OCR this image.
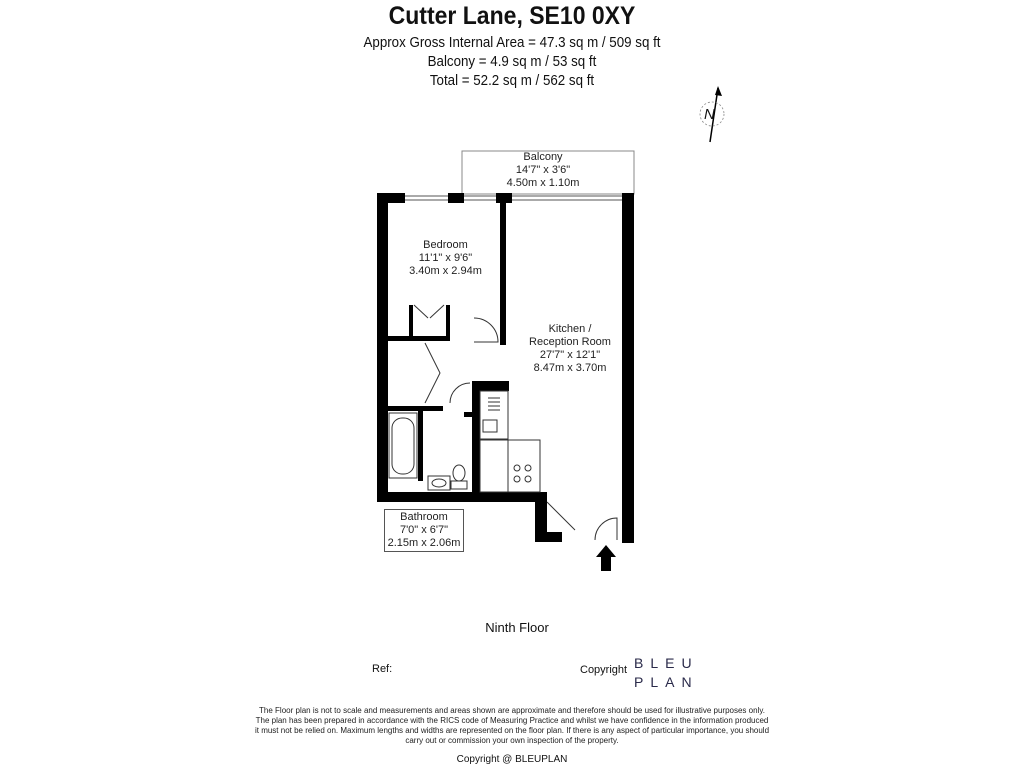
Cutter Lane, SE10 0XY
Approx Gross Internal Area = 47.3 sq m / 509 sq ft
Balcony = 4.9 sq m / 53 sq ft
Total = 52.2 sq m / 562 sq ft
N
Balcony
14'7" x 3'6"
4.50m x 1.10m
Bedroom
11'1" x 9'6"
3.40m x 2.94m
Kitchen /
Reception Room
27'7" x 12'1"
8.47m x 3.70m
Bathroom
7'0" x 6'7"
2.15m x 2.06m
Ninth Floor
Ref:	Copyright BLEU
PLAN
The Floor plan is not to scale and measurements and areas shown are approximate and therefore should be used for illustrative purposes only. The plan has been prepared in accordance with the RICS code of Measuring Practice and whilst we have confidence in the information produced it must not be relied on. Maximum lengths and widths are represented on the floor plan. If there is any aspect of particular importance, you should carry out or commission your own inspection of the property.
Copyright @ BLEUPLAN
